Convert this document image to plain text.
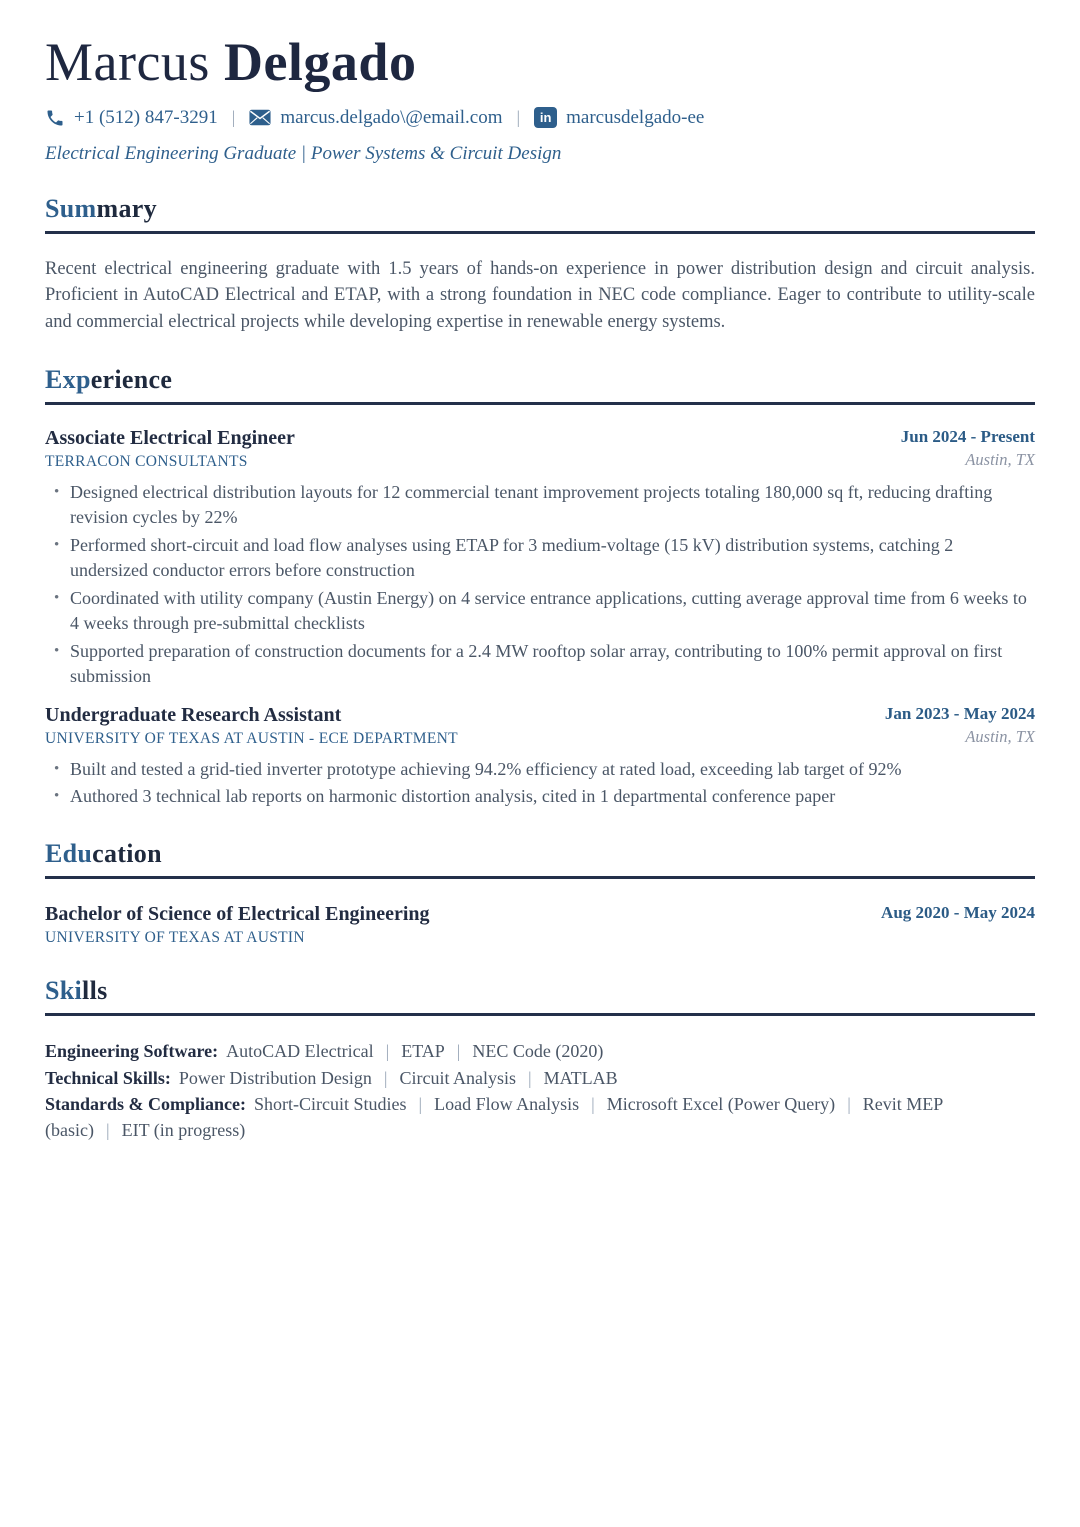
Marcus Delgado
+1 (512) 847-3291 | marcus.delgado\@email.com |	in marcusdelgado-ee
Electrical Engineering Graduate | Power Systems & Circuit Design
Summary

Recent electrical engineering graduate with 1.5 years of hands-on experience in power distribution design and circuit analysis. Proficient in AutoCAD Electrical and ETAP, with a strong foundation in NEC code compliance. Eager to contribute to utility-scale and commercial electrical projects while developing expertise in renewable energy systems.

Experience
Associate Electrical Engineer
TERRACON CONSULTANTS
Jun 2024 - Present
Austin, TX
• Designed electrical distribution layouts for 12 commercial tenant improvement projects totaling 180,000 sq ft, reducing drafting revision cycles by 22%
• Performed short-circuit and load flow analyses using ETAP for 3 medium-voltage (15 kV) distribution systems, catching 2 undersized conductor errors before construction
• Coordinated with utility company (Austin Energy) on 4 service entrance applications, cutting average approval time from 6 weeks to 4 weeks through pre-submittal checklists
• Supported preparation of construction documents for a 2.4 MW rooftop solar array, contributing to 100% permit approval on first submission
Undergraduate Research Assistant
UNIVERSITY OF TEXAS AT AUSTIN - ECE DEPARTMENT
Jan 2023 - May 2024
Austin, TX
• Built and tested a grid-tied inverter prototype achieving 94.2% efficiency at rated load, exceeding lab target of 92%
• Authored 3 technical lab reports on harmonic distortion analysis, cited in 1 departmental conference paper
Education
Bachelor of Science of Electrical Engineering	Aug 2020 - May 2024
UNIVERSITY OF TEXAS AT AUSTIN
Skills
Engineering Software: AutoCAD Electrical | ETAP | NEC Code (2020)
Technical Skills: Power Distribution Design | Circuit Analysis | MATLAB
Standards & Compliance: Short-Circuit Studies | Load Flow Analysis | Microsoft Excel (Power Query) | Revit MEP (basic) | EIT (in progress)
